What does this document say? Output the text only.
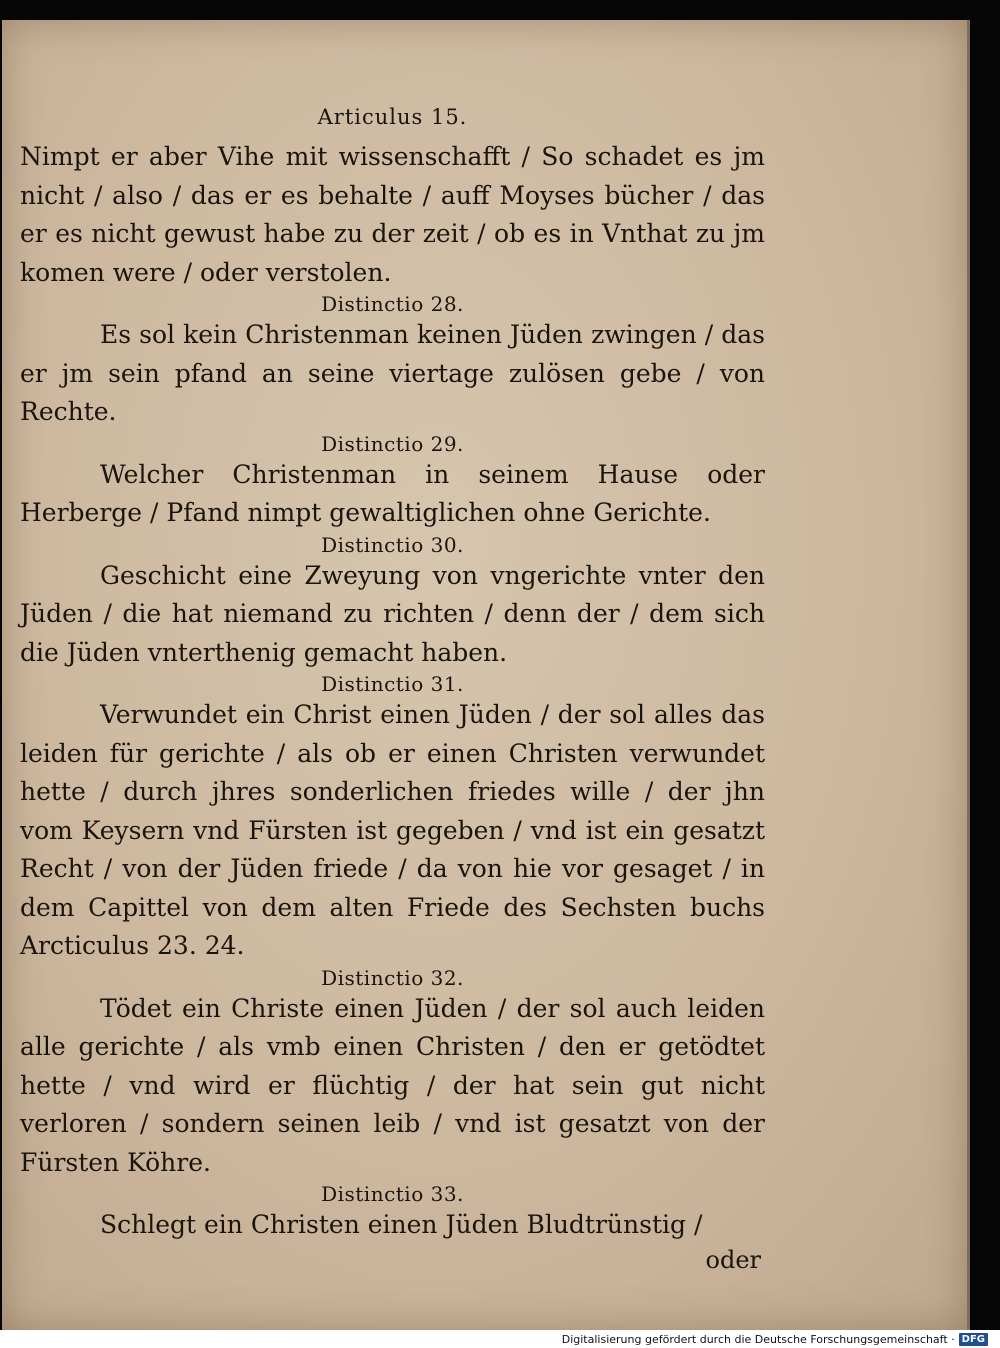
Articulus 15.
Nimpt er aber Vihe mit wissenschafft / So schadet es jm nicht / also / das er es behalte / auff Moyses bücher / das er es nicht gewust habe zu der zeit / ob es in Vnthat zu jm komen were / oder verstolen.
Distinctio 28.
Es sol kein Christenman keinen Jüden zwingen / das er jm sein pfand an seine viertage zulösen gebe / von Rechte.
Distinctio 29.
Welcher Christenman in seinem Hause oder Herberge / Pfand nimpt gewaltiglichen ohne Gerichte.
Distinctio 30.
Geschicht eine Zweyung von vngerichte vnter den Jüden / die hat niemand zu richten / denn der / dem sich die Jüden vnterthenig gemacht haben.
Distinctio 31.
Verwundet ein Christ einen Jüden / der sol alles das leiden für gerichte / als ob er einen Christen verwundet hette / durch jhres sonderlichen friedes wille / der jhn vom Keysern vnd Fürsten ist gegeben / vnd ist ein gesatzt Recht / von der Jüden friede / da von hie vor gesaget / in dem Capittel von dem alten Friede des Sechsten buchs Arcticulus 23. 24.
Distinctio 32.
Tödet ein Christe einen Jüden / der sol auch leiden alle gerichte / als vmb einen Christen / den er getödtet hette / vnd wird er flüchtig / der hat sein gut nicht verloren / sondern seinen leib / vnd ist gesatzt von der Fürsten Köhre.
Distinctio 33.
Schlegt ein Christen einen Jüden Bludtrünstig /
oder
Digitalisierung gefördert durch die Deutsche Forschungsgemeinschaft · DFG
